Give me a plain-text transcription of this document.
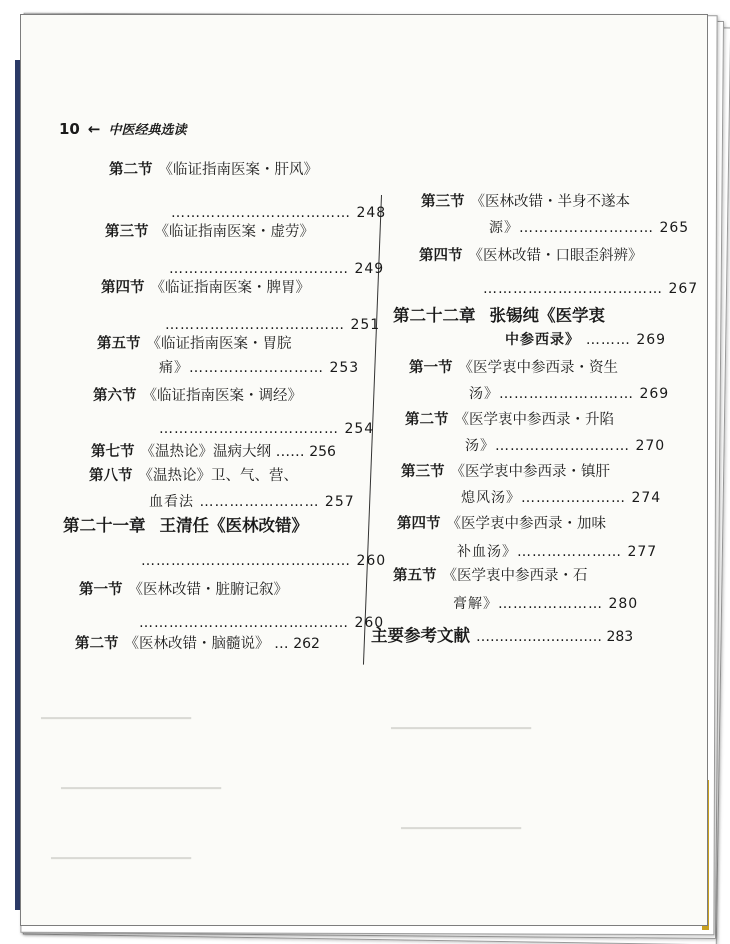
▁▁▁▁▁▁▁▁▁▁▁▁▁▁▁
▁▁▁▁▁▁▁▁▁▁▁▁▁▁▁▁
▁▁▁▁▁▁▁▁▁▁▁▁▁▁
▁▁▁▁▁▁▁▁▁▁▁▁▁▁
▁▁▁▁▁▁▁▁▁▁▁▁
10 ← 中医经典选读
第二节 《临证指南医案・肝风》
……………………………… 248
第三节 《临证指南医案・虚劳》
……………………………… 249
第四节 《临证指南医案・脾胃》
……………………………… 251
第五节 《临证指南医案・胃脘
痛》……………………… 253
第六节 《临证指南医案・调经》
……………………………… 254
第七节 《温热论》温病大纲 …… 256
第八节 《温热论》卫、气、营、
血看法 …………………… 257
第二十一章 王清任《医林改错》
…………………………………… 260
第一节 《医林改错・脏腑记叙》
…………………………………… 260
第二节 《医林改错・脑髓说》 … 262
第三节 《医林改错・半身不遂本
源》……………………… 265
第四节 《医林改错・口眼歪斜辨》
……………………………… 267
第二十二章 张锡纯《医学衷
中参西录》 ……… 269
第一节 《医学衷中参西录・资生
汤》……………………… 269
第二节 《医学衷中参西录・升陷
汤》……………………… 270
第三节 《医学衷中参西录・镇肝
熄风汤》………………… 274
第四节 《医学衷中参西录・加味
补血汤》………………… 277
第五节 《医学衷中参西录・石
膏解》………………… 280
主要参考文献 ……………………… 283
